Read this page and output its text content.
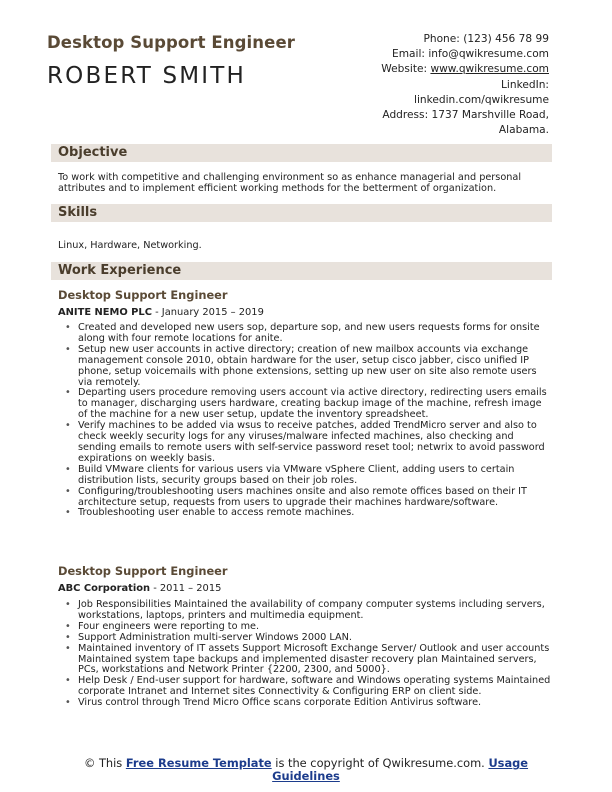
Desktop Support Engineer
ROBERT SMITH
Phone: (123) 456 78 99
Email: info@qwikresume.com
Website: www.qwikresume.com
LinkedIn:
linkedin.com/qwikresume
Address: 1737 Marshville Road,
Alabama.
Objective
To work with competitive and challenging environment so as enhance managerial and personal attributes and to implement efficient working methods for the betterment of organization.
Skills
Linux, Hardware, Networking.
Work Experience
Desktop Support Engineer
ANITE NEMO PLC - January 2015 – 2019
• Created and developed new users sop, departure sop, and new users requests forms for onsite along with four remote locations for anite.
• Setup new user accounts in active directory; creation of new mailbox accounts via exchange management console 2010, obtain hardware for the user, setup cisco jabber, cisco unified IP phone, setup voicemails with phone extensions, setting up new user on site also remote users via remotely.
• Departing users procedure removing users account via active directory, redirecting users emails to manager, discharging users hardware, creating backup image of the machine, refresh image of the machine for a new user setup, update the inventory spreadsheet.
• Verify machines to be added via wsus to receive patches, added TrendMicro server and also to check weekly security logs for any viruses/malware infected machines, also checking and sending emails to remote users with self-service password reset tool; netwrix to avoid password expirations on weekly basis.
• Build VMware clients for various users via VMware vSphere Client, adding users to certain distribution lists, security groups based on their job roles.
• Configuring/troubleshooting users machines onsite and also remote offices based on their IT architecture setup, requests from users to upgrade their machines hardware/software.
• Troubleshooting user enable to access remote machines.
Desktop Support Engineer
ABC Corporation - 2011 – 2015
• Job Responsibilities Maintained the availability of company computer systems including servers, workstations, laptops, printers and multimedia equipment.
• Four engineers were reporting to me.
• Support Administration multi-server Windows 2000 LAN.
• Maintained inventory of IT assets Support Microsoft Exchange Server/ Outlook and user accounts Maintained system tape backups and implemented disaster recovery plan Maintained servers, PCs, workstations and Network Printer {2200, 2300, and 5000}.
• Help Desk / End-user support for hardware, software and Windows operating systems Maintained corporate Intranet and Internet sites Connectivity & Configuring ERP on client side.
• Virus control through Trend Micro Office scans corporate Edition Antivirus software.
© This Free Resume Template is the copyright of Qwikresume.com. Usage
Guidelines
